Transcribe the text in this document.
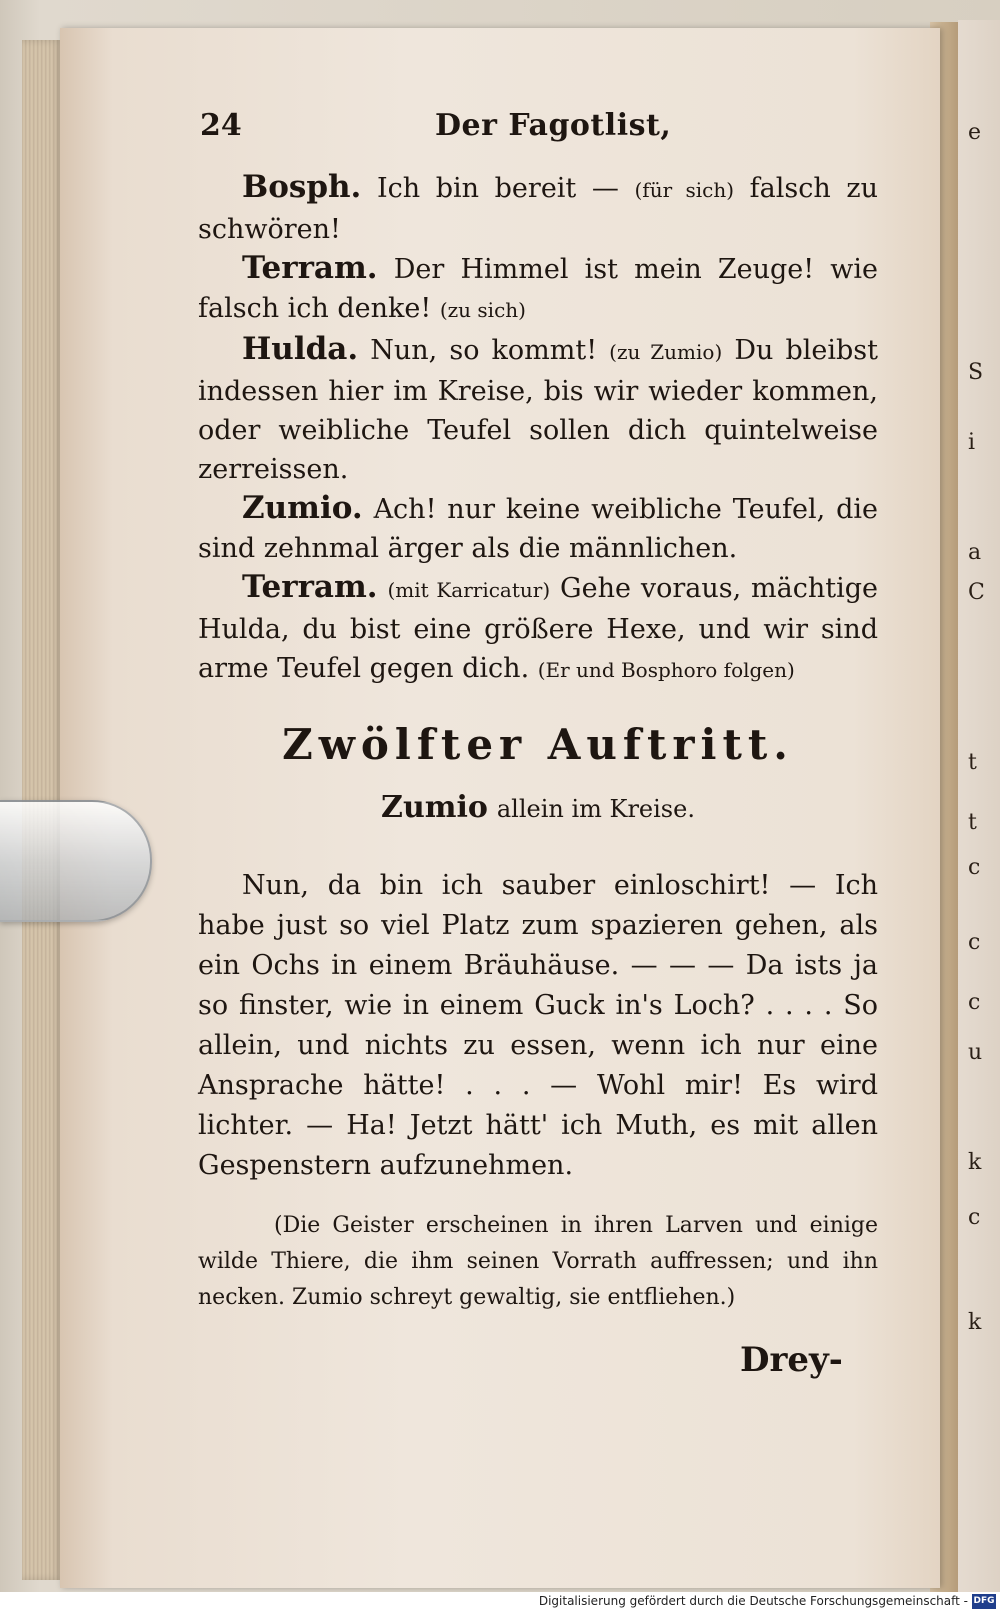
e
S
i
a
C
t
t
c
c
c
u
k
c
k
24	Der Fagotlist,

Bosph. Ich bin bereit — (für sich) falsch zu schwören!

Terram. Der Himmel ist mein Zeuge! wie falsch ich denke! (zu sich)

Hulda. Nun, so kommt! (zu Zumio) Du bleibst indessen hier im Kreise, bis wir wieder kommen, oder weibliche Teufel sollen dich quintelweise zerreissen.

Zumio. Ach! nur keine weibliche Teufel, die sind zehnmal ärger als die männlichen.

Terram. (mit Karricatur) Gehe voraus, mächtige Hulda, du bist eine größere Hexe, und wir sind arme Teufel gegen dich. (Er und Bosphoro folgen)

Zwölfter Auftritt.
Zumio allein im Kreise.

Nun, da bin ich sauber einloschirt! — Ich habe just so viel Platz zum spazieren gehen, als ein Ochs in einem Bräuhäuse. — — — Da ists ja so finster, wie in einem Guck in's Loch? . . . . So allein, und nichts zu essen, wenn ich nur eine Ansprache hätte! . . . — Wohl mir! Es wird lichter. — Ha! Jetzt hätt' ich Muth, es mit allen Gespenstern aufzunehmen.

(Die Geister erscheinen in ihren Larven und einige wilde Thiere, die ihm seinen Vorrath auffressen; und ihn necken. Zumio schreyt gewaltig, sie entfliehen.)

Drey-
Digitalisierung gefördert durch die Deutsche Forschungsgemeinschaft - DFG
